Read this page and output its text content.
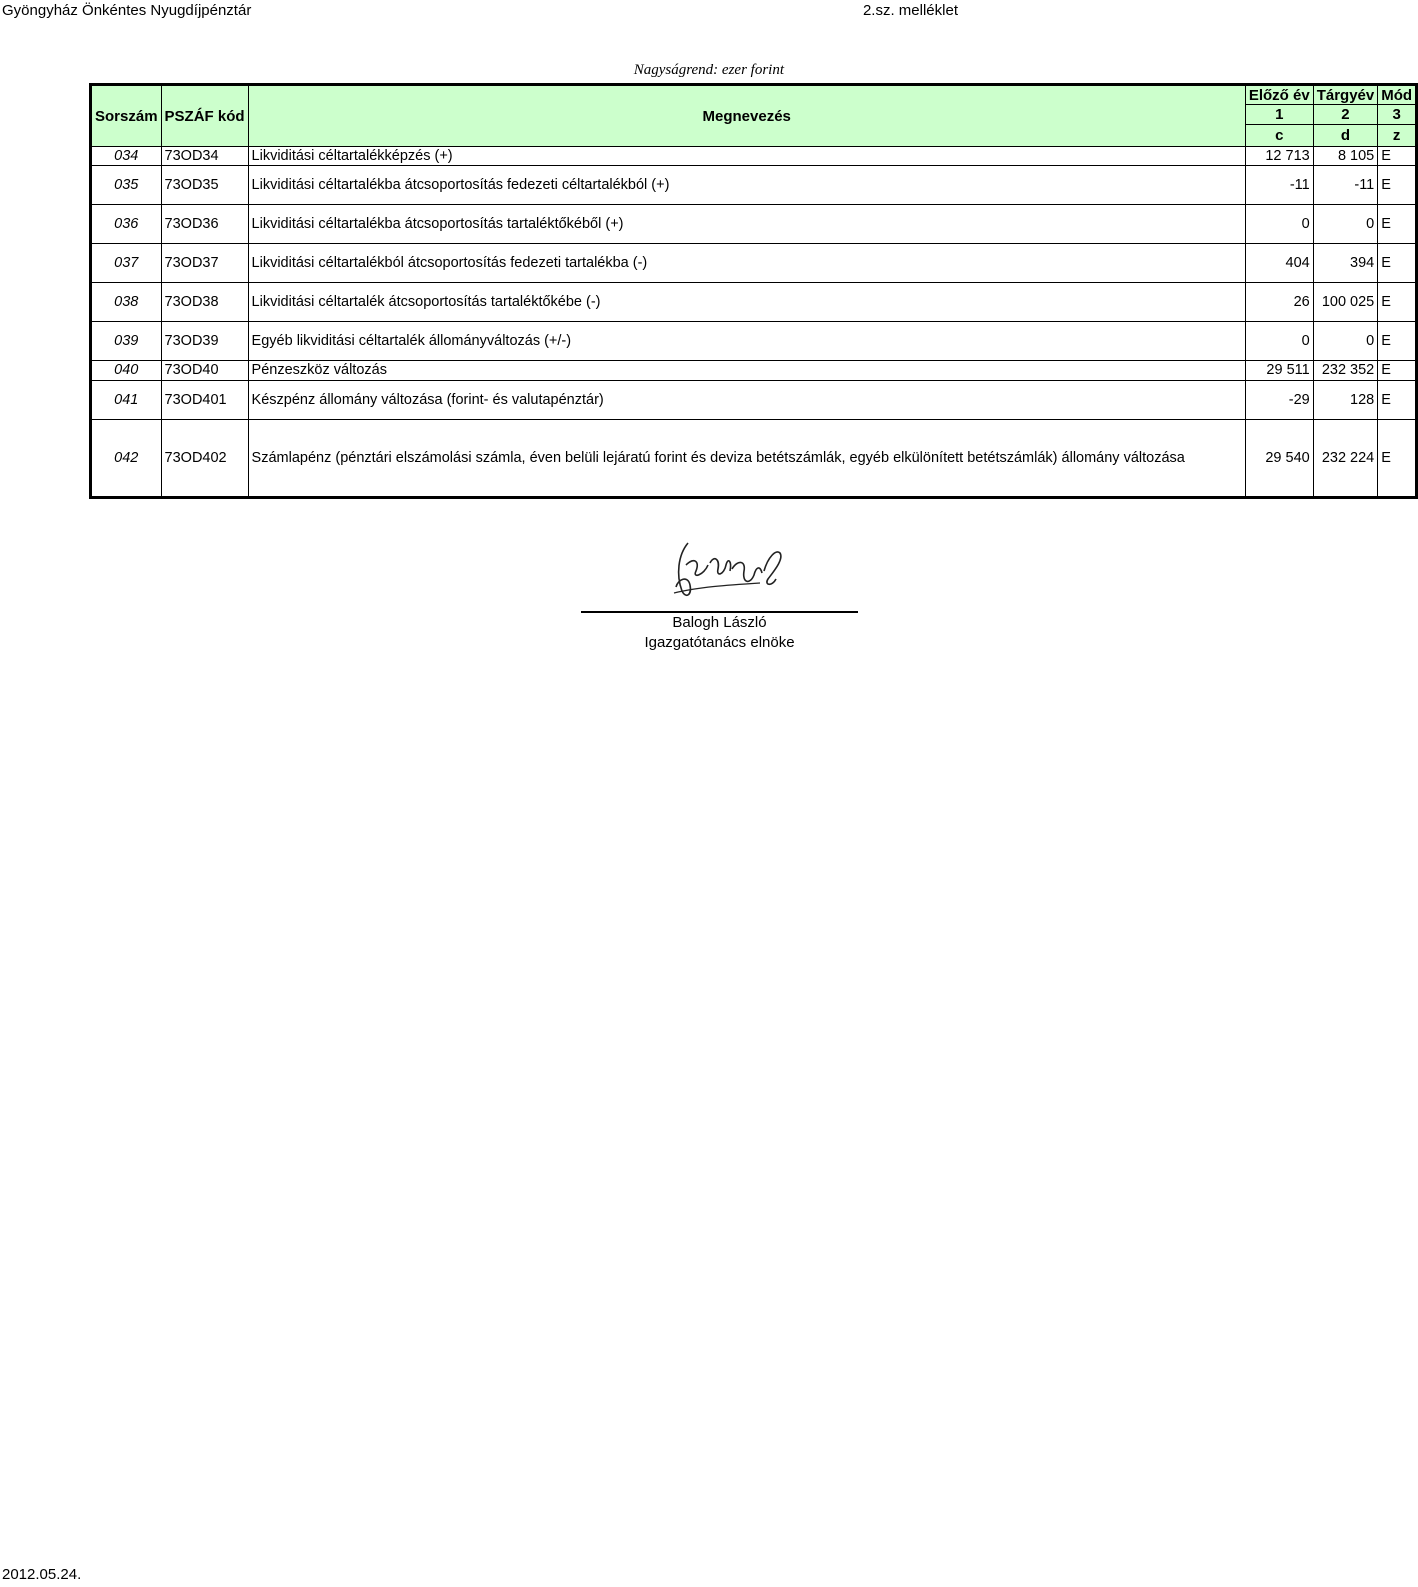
Gyöngyház Önkéntes Nyugdíjpénztár	2.sz. melléklet
Nagyságrend: ezer forint
Sorszám	PSZÁF kód	Megnevezés	Előző év	Tárgyév	Mód
			1	2	3
			c	d	z
034	73OD34	Likviditási céltartalékképzés (+)	12 713	8 105	E
035	73OD35	Likviditási céltartalékba átcsoportosítás fedezeti céltartalékból (+)	-11	-11	E
036	73OD36	Likviditási céltartalékba átcsoportosítás tartaléktőkéből (+)	0	0	E
037	73OD37	Likviditási céltartalékból átcsoportosítás fedezeti tartalékba (-)	404	394	E
038	73OD38	Likviditási céltartalék átcsoportosítás tartaléktőkébe (-)	26	100 025	E
039	73OD39	Egyéb likviditási céltartalék állományváltozás (+/-)	0	0	E
040	73OD40	Pénzeszköz változás	29 511	232 352	E
041	73OD401	Készpénz állomány változása (forint- és valutapénztár)	-29	128	E
042	73OD402	Számlapénz (pénztári elszámolási számla, éven belüli lejáratú forint és deviza betétszámlák, egyéb elkülönített betétszámlák) állomány változása	29 540	232 224	E
Balogh László
Igazgatótanács elnöke
2012.05.24.
